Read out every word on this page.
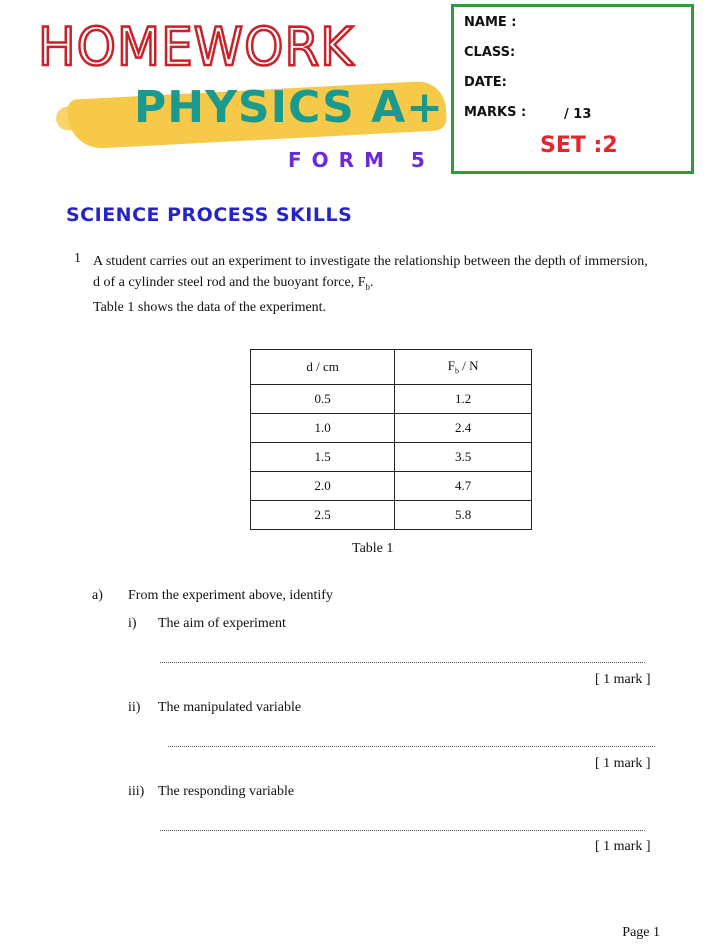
HOMEWORK
PHYSICS A+
FORM 5
NAME :
CLASS:
DATE:
MARKS :	/ 13
SET :2
SCIENCE PROCESS SKILLS
1 A student carries out an experiment to investigate the relationship between the depth of immersion, d of a cylinder steel rod and the buoyant force, $F_b$.
Table 1 shows the data of the experiment.
d / cm	$F_b$ / N
0.5	1.2
1.0	2.4
1.5	3.5
2.0	4.7
2.5	5.8
Table 1
a) From the experiment above, identify
i) The aim of experiment
[ 1 mark ]
ii) The manipulated variable
[ 1 mark ]
iii) The responding variable
[ 1 mark ]
Page 1
